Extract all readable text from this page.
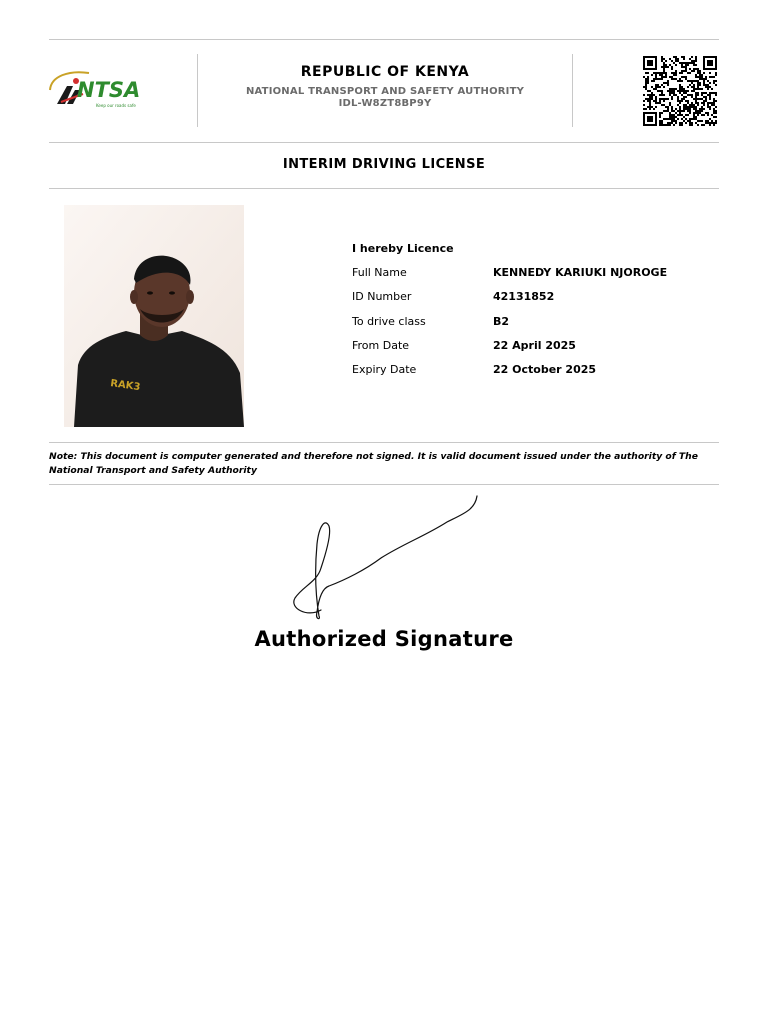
NTSA
Keep our roads safe
REPUBLIC OF KENYA
NATIONAL TRANSPORT AND SAFETY AUTHORITY
IDL-W8ZT8BP9Y
INTERIM DRIVING LICENSE
RAK3
I hereby Licence
Full Name	KENNEDY KARIUKI NJOROGE
ID Number	42131852
To drive class	B2
From Date	22 April 2025
Expiry Date	22 October 2025
Note: This document is computer generated and therefore not signed. It is valid document issued under the authority of The National Transport and Safety Authority
Authorized Signature
